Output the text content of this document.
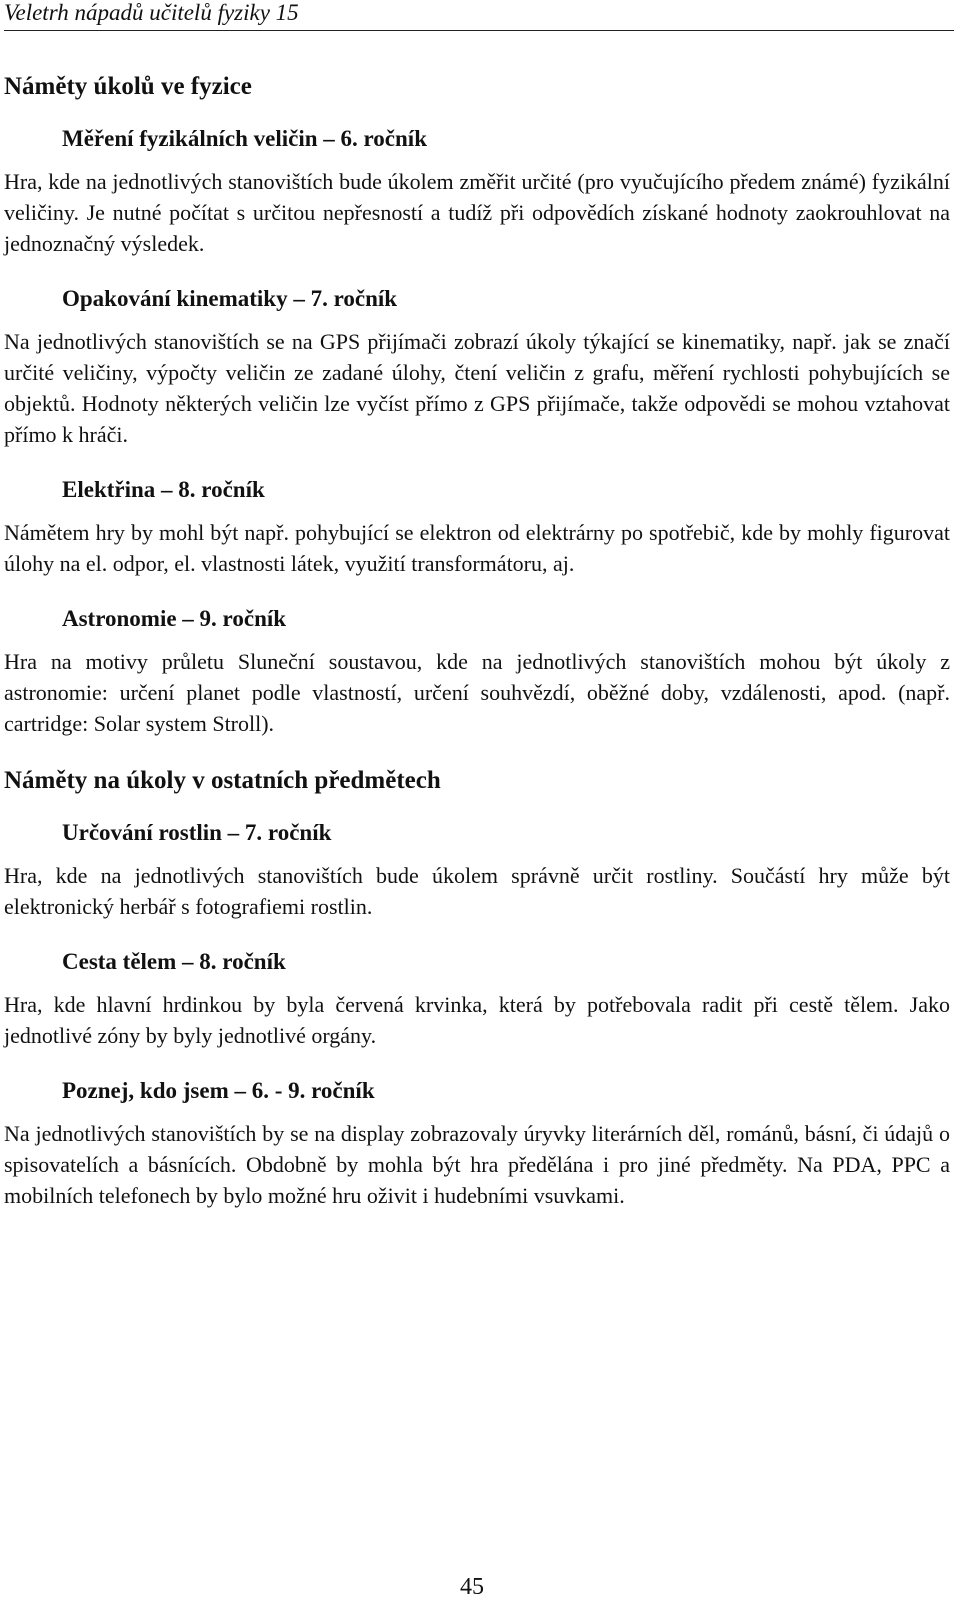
Veletrh nápadů učitelů fyziky 15
Náměty úkolů ve fyzice
Měření fyzikálních veličin – 6. ročník

Hra, kde na jednotlivých stanovištích bude úkolem změřit určité (pro vyučujícího předem známé) fyzikální veličiny. Je nutné počítat s určitou nepřesností a tudíž při odpovědích získané hodnoty zaokrouhlovat na jednoznačný výsledek.

Opakování kinematiky – 7. ročník

Na jednotlivých stanovištích se na GPS přijímači zobrazí úkoly týkající se kinematiky, např. jak se značí určité veličiny, výpočty veličin ze zadané úlohy, čtení veličin z grafu, měření rychlosti pohybujících se objektů. Hodnoty některých veličin lze vyčíst přímo z GPS přijímače, takže odpovědi se mohou vztahovat přímo k hráči.

Elektřina – 8. ročník

Námětem hry by mohl být např. pohybující se elektron od elektrárny po spotřebič, kde by mohly figurovat úlohy na el. odpor, el. vlastnosti látek, využití transformátoru, aj.

Astronomie – 9. ročník

Hra na motivy průletu Sluneční soustavou, kde na jednotlivých stanovištích mohou být úkoly z astronomie: určení planet podle vlastností, určení souhvězdí, oběžné doby, vzdálenosti, apod. (např. cartridge: Solar system Stroll).

Náměty na úkoly v ostatních předmětech
Určování rostlin – 7. ročník

Hra, kde na jednotlivých stanovištích bude úkolem správně určit rostliny. Součástí hry může být elektronický herbář s fotografiemi rostlin.

Cesta tělem – 8. ročník

Hra, kde hlavní hrdinkou by byla červená krvinka, která by potřebovala radit při cestě tělem. Jako jednotlivé zóny by byly jednotlivé orgány.

Poznej, kdo jsem – 6. - 9. ročník

Na jednotlivých stanovištích by se na display zobrazovaly úryvky literárních děl, románů, básní, či údajů o spisovatelích a básnících. Obdobně by mohla být hra předělána i pro jiné předměty. Na PDA, PPC a mobilních telefonech by bylo možné hru oživit i hudebními vsuvkami.

45
